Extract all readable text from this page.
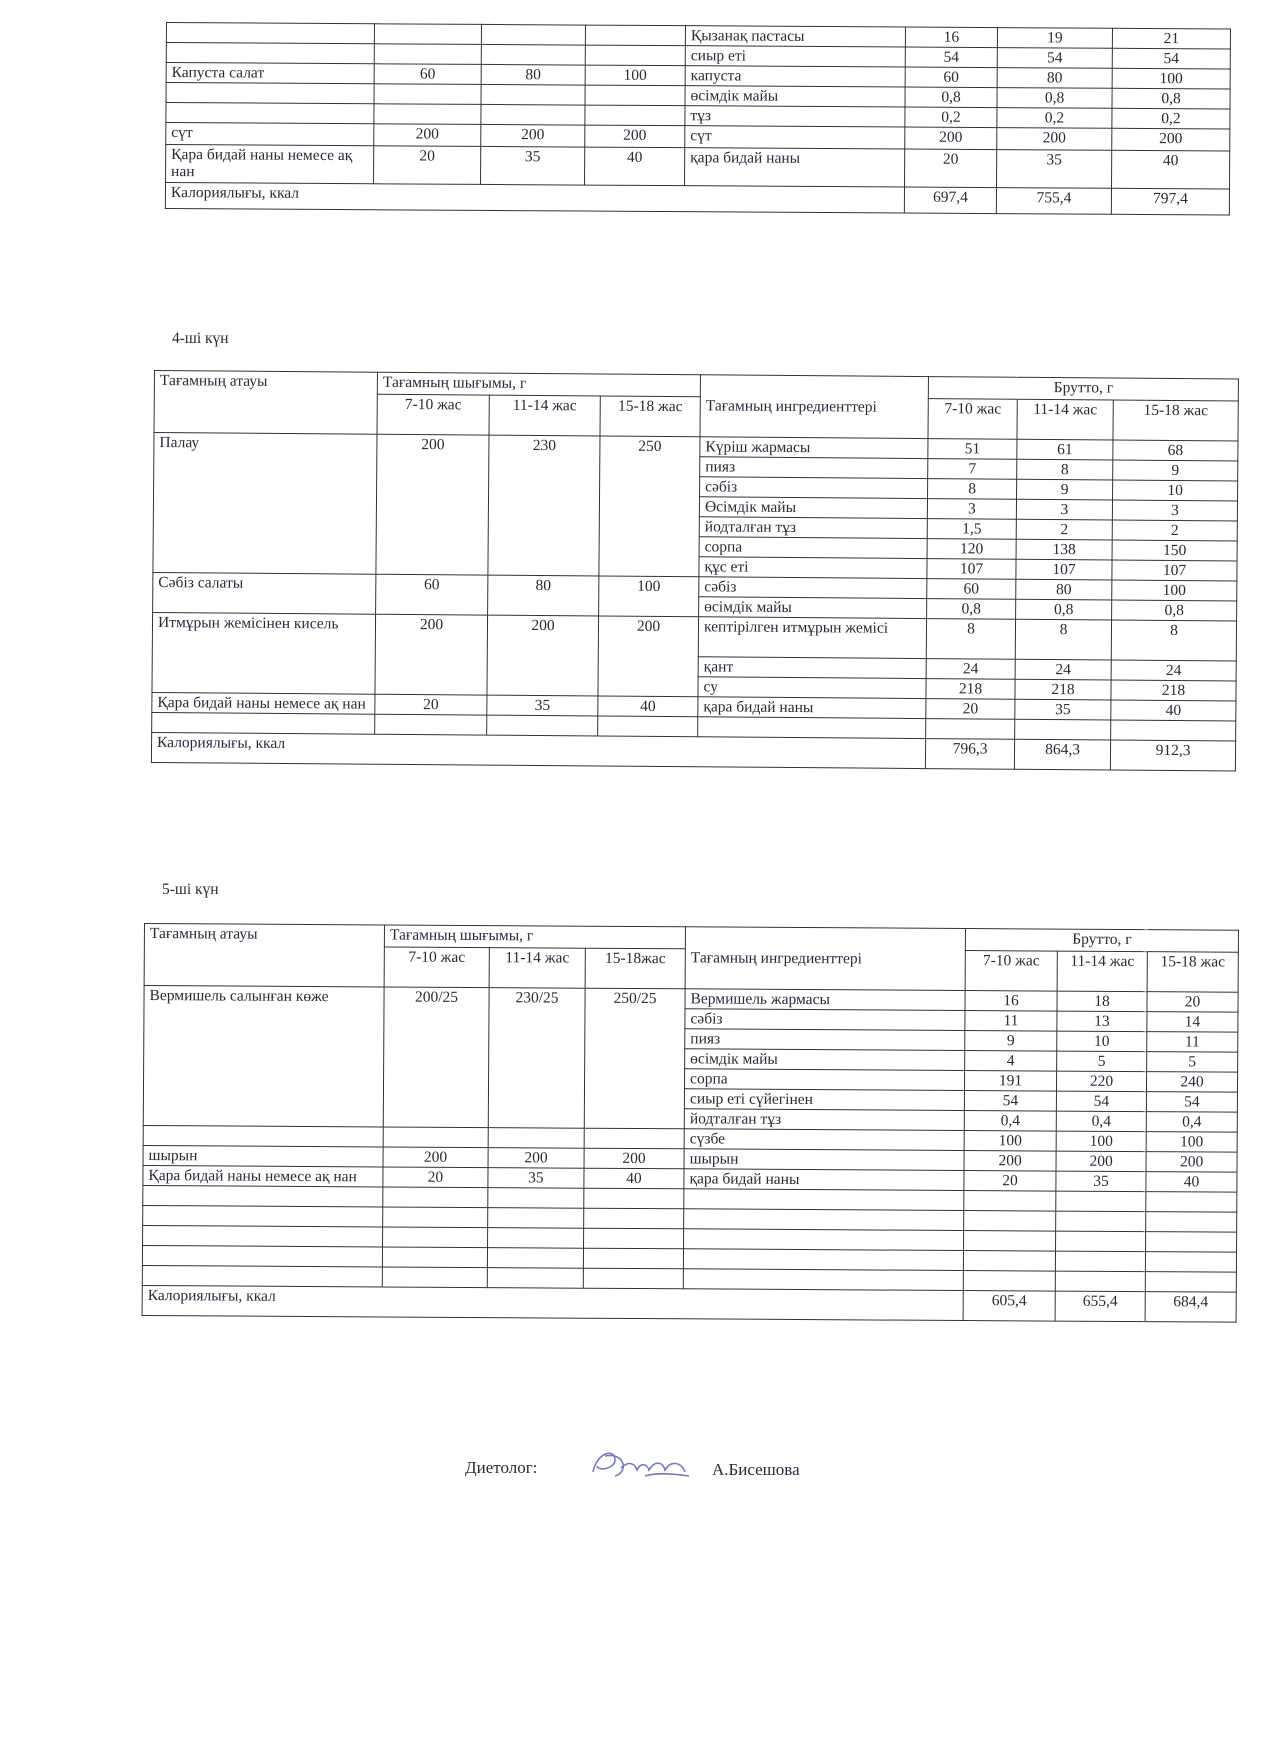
				Қызанақ пастасы	16	19	21
				сиыр еті	54	54	54
Капуста салат	60	80	100	капуста	60	80	100
				өсімдік майы	0,8	0,8	0,8
				тұз	0,2	0,2	0,2
сүт	200	200	200	сүт	200	200	200
Қара бидай наны немесе ақ нан	20	35	40	қара бидай наны	20	35	40
Калориялығы, ккал					697,4	755,4	797,4
4-ші күн
Тағамның атауы	Тағамның шығымы, г			Тағамның ингредиенттері	Брутто, г		
	7-10 жас	11-14 жас	15-18 жас		7-10 жас	11-14 жас	15-18 жас
Палау	200	230	250	Күріш жармасы	51	61	68
				пияз	7	8	9
				сәбіз	8	9	10
				Өсімдік майы	3	3	3
				йодталған тұз	1,5	2	2
				сорпа	120	138	150
				құс еті	107	107	107
Сәбіз салаты	60	80	100	сәбіз	60	80	100
				өсімдік майы	0,8	0,8	0,8
Итмұрын жемісінен кисель	200	200	200	кептірілген итмұрын жемісі	8	8	8
				қант	24	24	24
				су	218	218	218
Қара бидай наны немесе ақ нан	20	35	40	қара бидай наны	20	35	40

Калориялығы, ккал					796,3	864,3	912,3
5-ші күн
Тағамның атауы	Тағамның шығымы, г			Тағамның ингредиенттері	Брутто, г		
	7-10 жас	11-14 жас	15-18жас		7-10 жас	11-14 жас	15-18 жас
Вермишель салынған көже	200/25	230/25	250/25	Вермишель жармасы	16	18	20
				сәбіз	11	13	14
				пияз	9	10	11
				өсімдік майы	4	5	5
				сорпа	191	220	240
				сиыр еті сүйегінен	54	54	54
				йодталған тұз	0,4	0,4	0,4
				сүзбе	100	100	100
шырын	200	200	200	шырын	200	200	200
Қара бидай наны немесе ақ нан	20	35	40	қара бидай наны	20	35	40

Калориялығы, ккал					605,4	655,4	684,4
Диетолог:	А.Бисешова
